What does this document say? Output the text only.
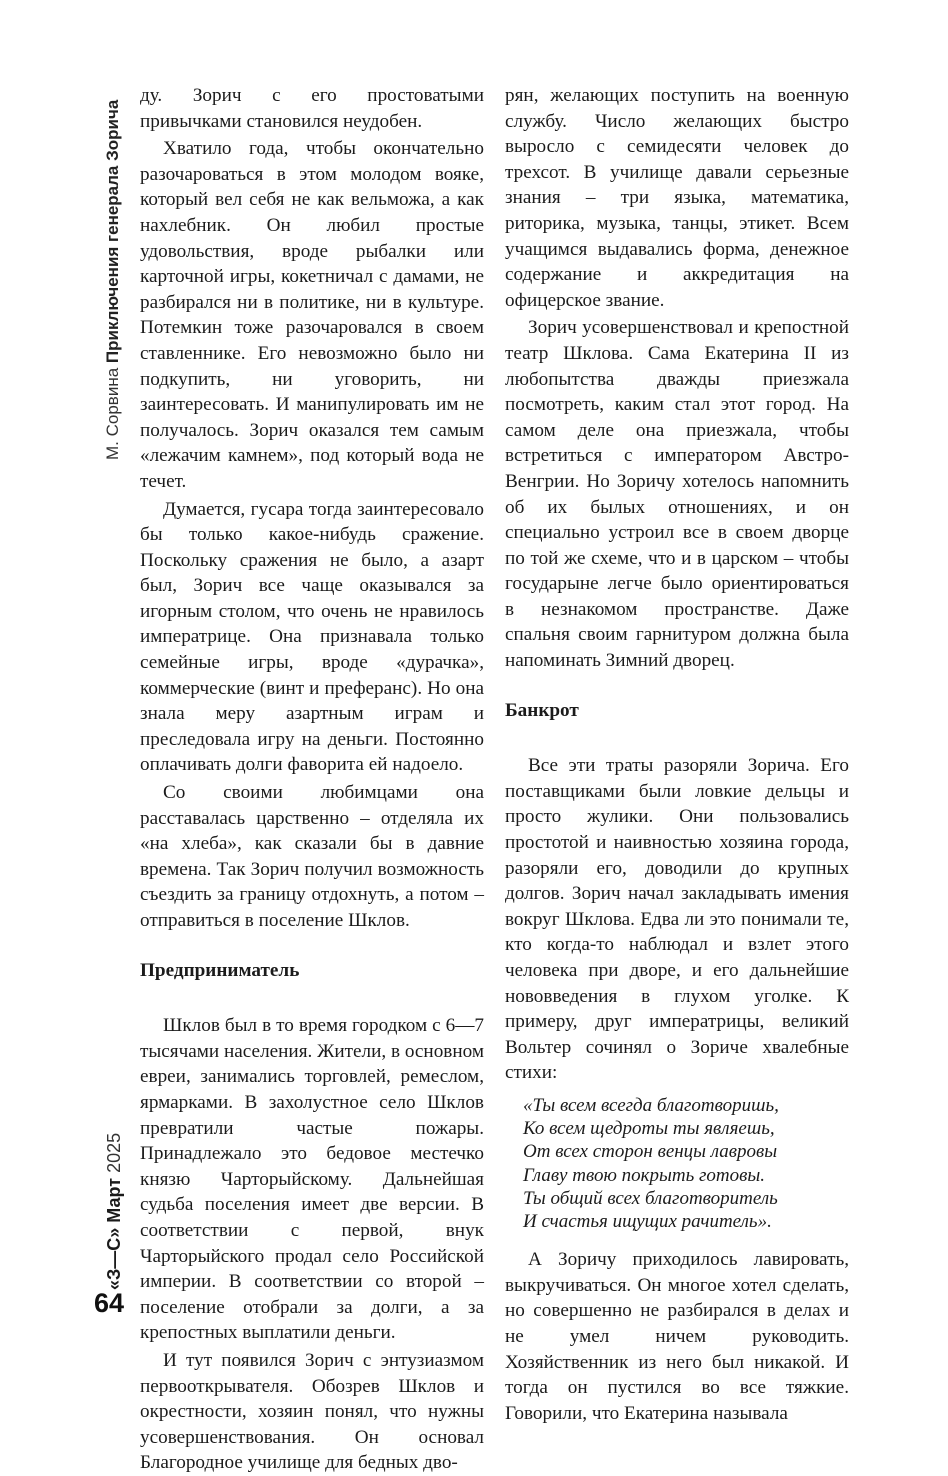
М. Сорвина Приключения генерала Зорича
«З—С» Март 2025
64

ду. Зорич с его простоватыми привычками становился неудобен.

Хватило года, чтобы окончательно разочароваться в этом молодом вояке, который вел себя не как вельможа, а как нахлебник. Он любил простые удовольствия, вроде рыбалки или карточной игры, кокетничал с дамами, не разбирался ни в политике, ни в культуре. Потемкин тоже разочаровался в своем ставленнике. Его невозможно было ни подкупить, ни уговорить, ни заинтересовать. И манипулировать им не получалось. Зорич оказался тем самым «лежачим камнем», под который вода не течет.

Думается, гусара тогда заинтересовало бы только какое-нибудь сражение. Поскольку сражения не было, а азарт был, Зорич все чаще оказывался за игорным столом, что очень не нравилось императрице. Она признавала только семейные игры, вроде «дурачка», коммерческие (винт и преферанс). Но она знала меру азартным играм и преследовала игру на деньги. Постоянно оплачивать долги фаворита ей надоело.

Со своими любимцами она расставалась царственно – отделяла их «на хлеба», как сказали бы в давние времена. Так Зорич получил возможность съездить за границу отдохнуть, а потом – отправиться в поселение Шклов.

Предприниматель

Шклов был в то время городком с 6—7 тысячами населения. Жители, в основном евреи, занимались торговлей, ремеслом, ярмарками. В захолустное село Шклов превратили частые пожары. Принадлежало это бедовое местечко князю Чарторыйскому. Дальнейшая судьба поселения имеет две версии. В соответствии с первой, внук Чарторыйского продал село Российской империи. В соответствии со второй – поселение отобрали за долги, а за крепостных выплатили деньги.

И тут появился Зорич с энтузиазмом первооткрывателя. Обозрев Шклов и окрестности, хозяин понял, что нужны усовершенствования. Он основал Благородное училище для бедных дво-

рян, желающих поступить на военную службу. Число желающих быстро выросло с семидесяти человек до трехсот. В училище давали серьезные знания – три языка, математика, риторика, музыка, танцы, этикет. Всем учащимся выдавались форма, денежное содержание и аккредитация на офицерское звание.

Зорич усовершенствовал и крепостной театр Шклова. Сама Екатерина II из любопытства дважды приезжала посмотреть, каким стал этот город. На самом деле она приезжала, чтобы встретиться с императором Австро-Венгрии. Но Зоричу хотелось напомнить об их былых отношениях, и он специально устроил все в своем дворце по той же схеме, что и в царском – чтобы государыне легче было ориентироваться в незнакомом пространстве. Даже спальня своим гарнитуром должна была напоминать Зимний дворец.

Банкрот

Все эти траты разоряли Зорича. Его поставщиками были ловкие дельцы и просто жулики. Они пользовались простотой и наивностью хозяина города, разоряли его, доводили до крупных долгов. Зорич начал закладывать имения вокруг Шклова. Едва ли это понимали те, кто когда-то наблюдал и взлет этого человека при дворе, и его дальнейшие нововведения в глухом уголке. К примеру, друг императрицы, великий Вольтер сочинял о Зориче хвалебные стихи:

«Ты всем всегда благотворишь,
Ко всем щедроты ты являешь,
От всех сторон венцы лавровы
Главу твою покрыть готовы.
Ты общий всех благотворитель
И счастья ищущих рачитель».

А Зоричу приходилось лавировать, выкручиваться. Он многое хотел сделать, но совершенно не разбирался в делах и не умел ничем руководить. Хозяйственник из него был никакой. И тогда он пустился во все тяжкие. Говорили, что Екатерина называла
